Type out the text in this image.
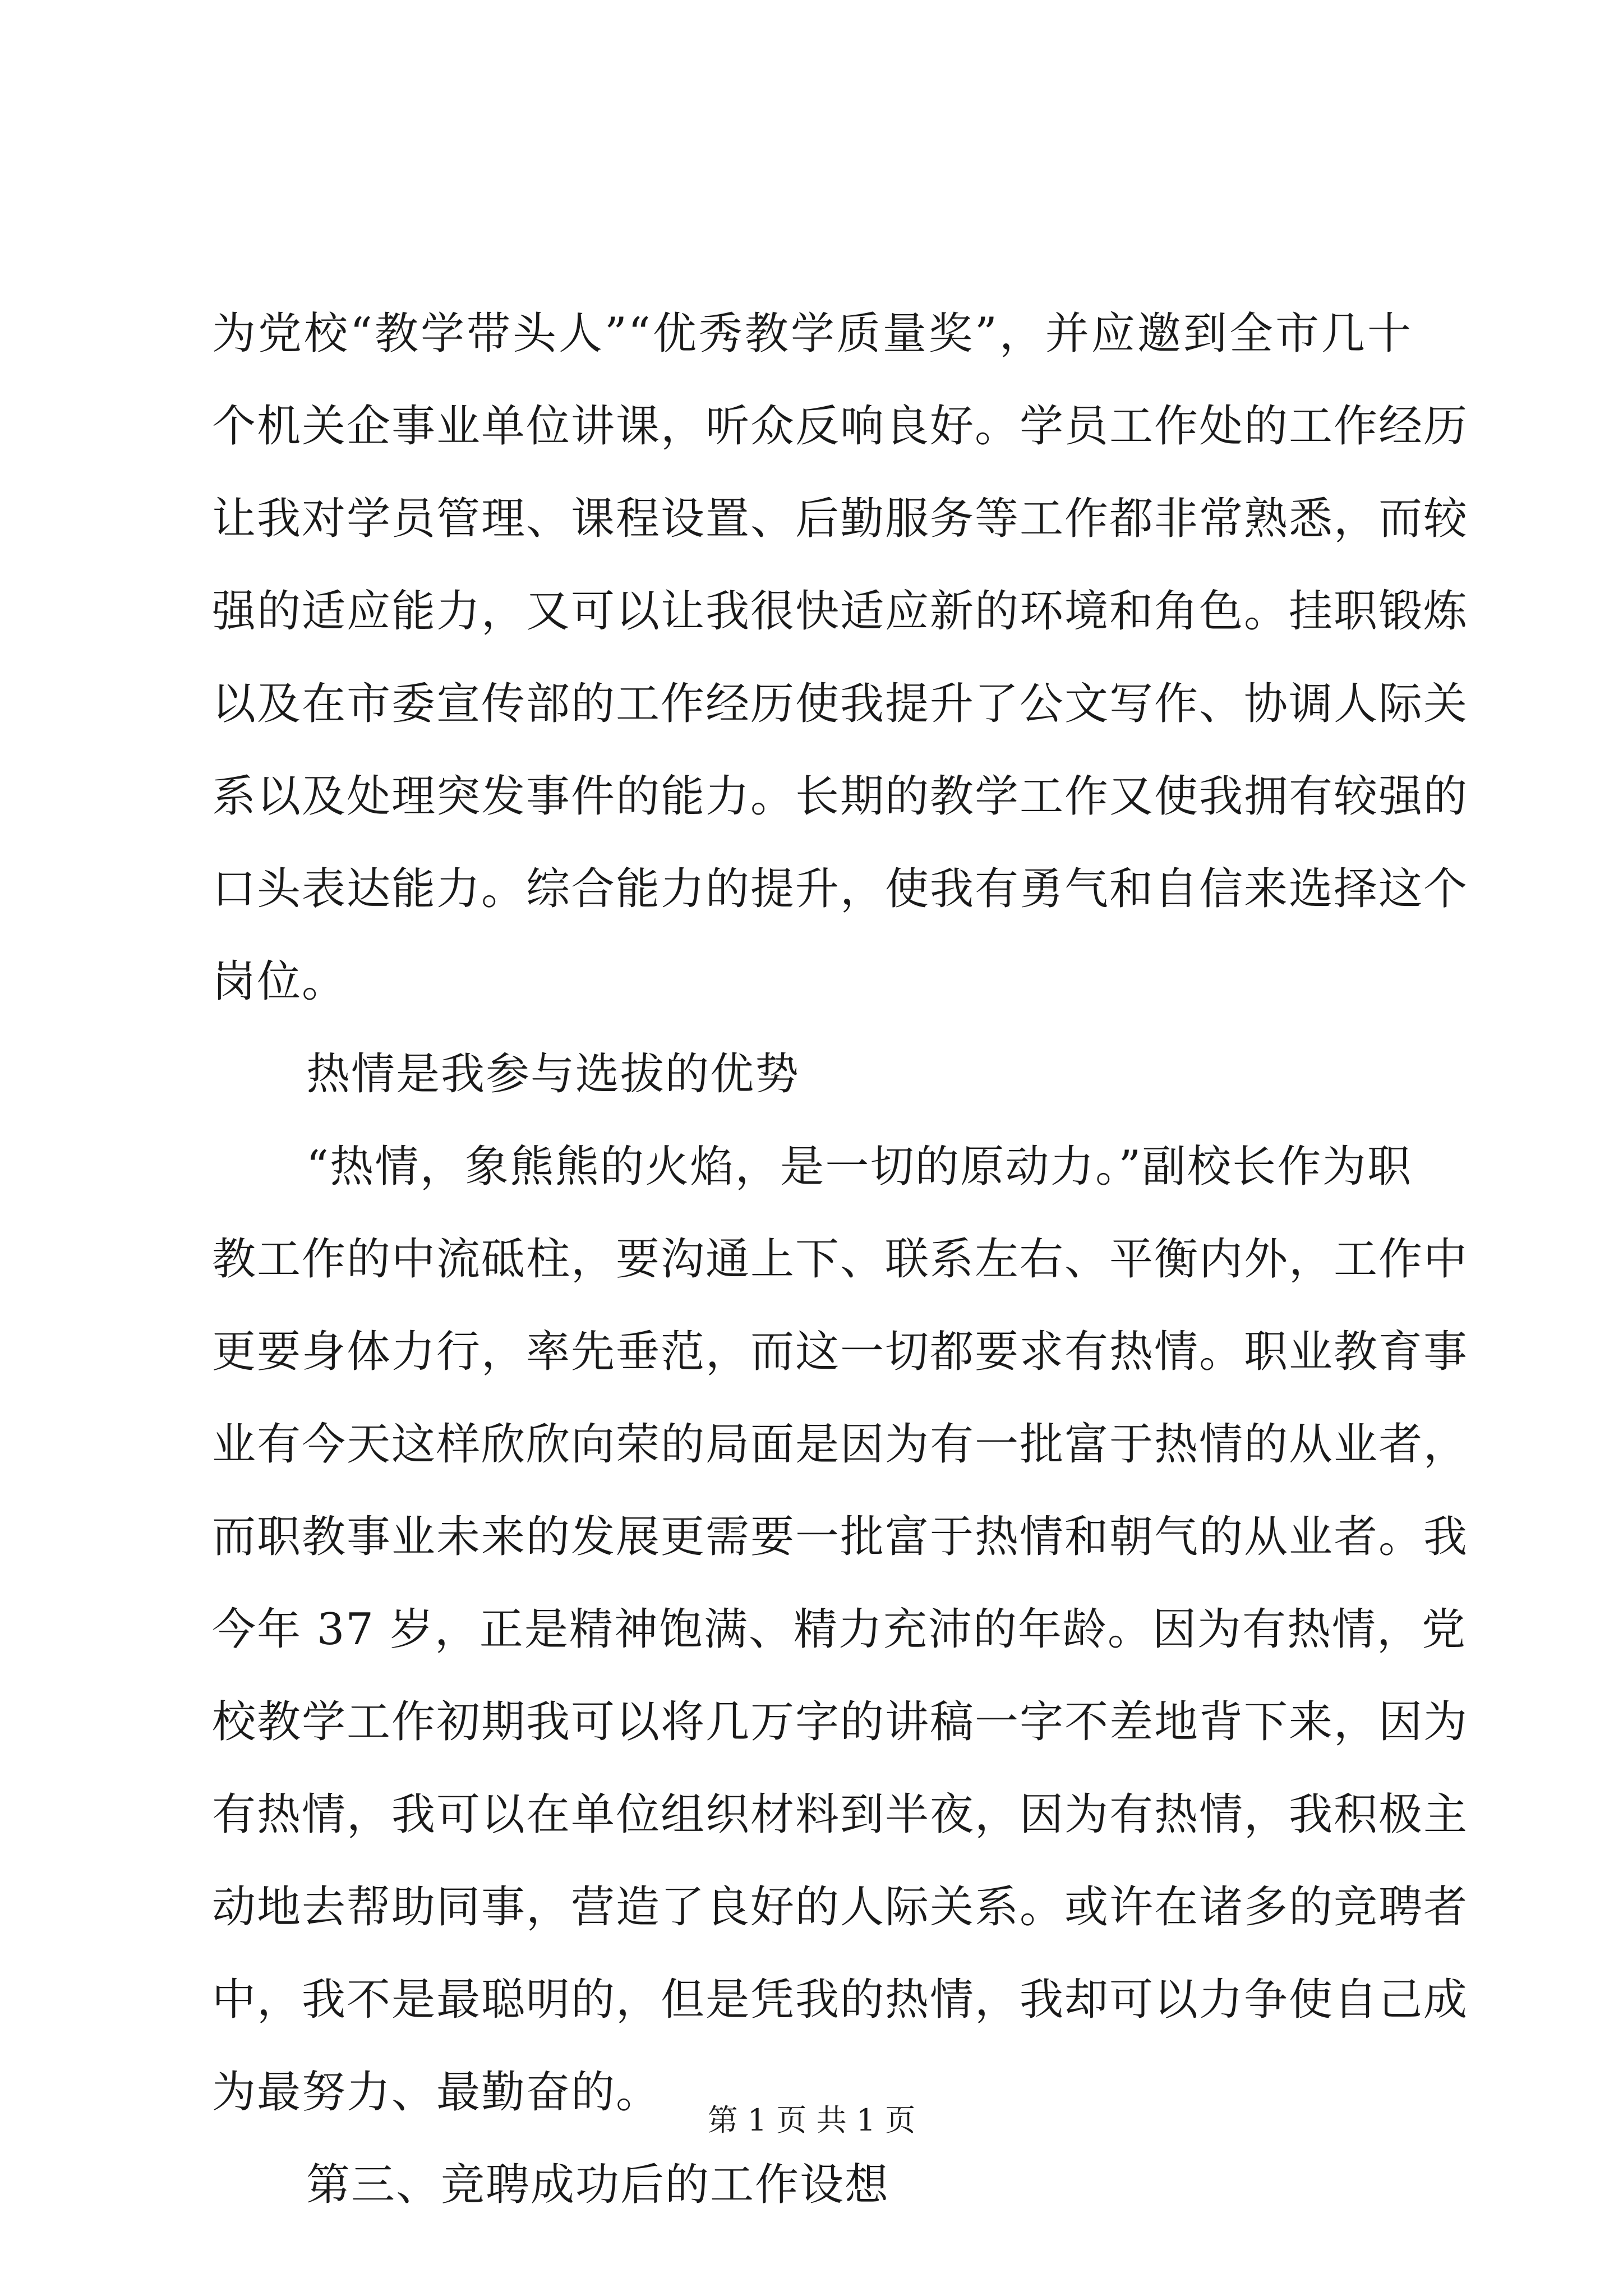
为党校“教学带头人”“优秀教学质量奖”，并应邀到全市几十
个机关企事业单位讲课，听众反响良好。学员工作处的工作经历
让我对学员管理、课程设置、后勤服务等工作都非常熟悉，而较
强的适应能力，又可以让我很快适应新的环境和角色。挂职锻炼
以及在市委宣传部的工作经历使我提升了公文写作、协调人际关
系以及处理突发事件的能力。长期的教学工作又使我拥有较强的
口头表达能力。综合能力的提升，使我有勇气和自信来选择这个
岗位。
热情是我参与选拔的优势
“热情，象熊熊的火焰，是一切的原动力。”副校长作为职
教工作的中流砥柱，要沟通上下、联系左右、平衡内外，工作中
更要身体力行，率先垂范，而这一切都要求有热情。职业教育事
业有今天这样欣欣向荣的局面是因为有一批富于热情的从业者，
而职教事业未来的发展更需要一批富于热情和朝气的从业者。我
今年 37 岁，正是精神饱满、精力充沛的年龄。因为有热情，党
校教学工作初期我可以将几万字的讲稿一字不差地背下来，因为
有热情，我可以在单位组织材料到半夜，因为有热情，我积极主
动地去帮助同事，营造了良好的人际关系。或许在诸多的竞聘者
中，我不是最聪明的，但是凭我的热情，我却可以力争使自己成
为最努力、最勤奋的。
第三、竞聘成功后的工作设想
第 1 页 共 1 页
